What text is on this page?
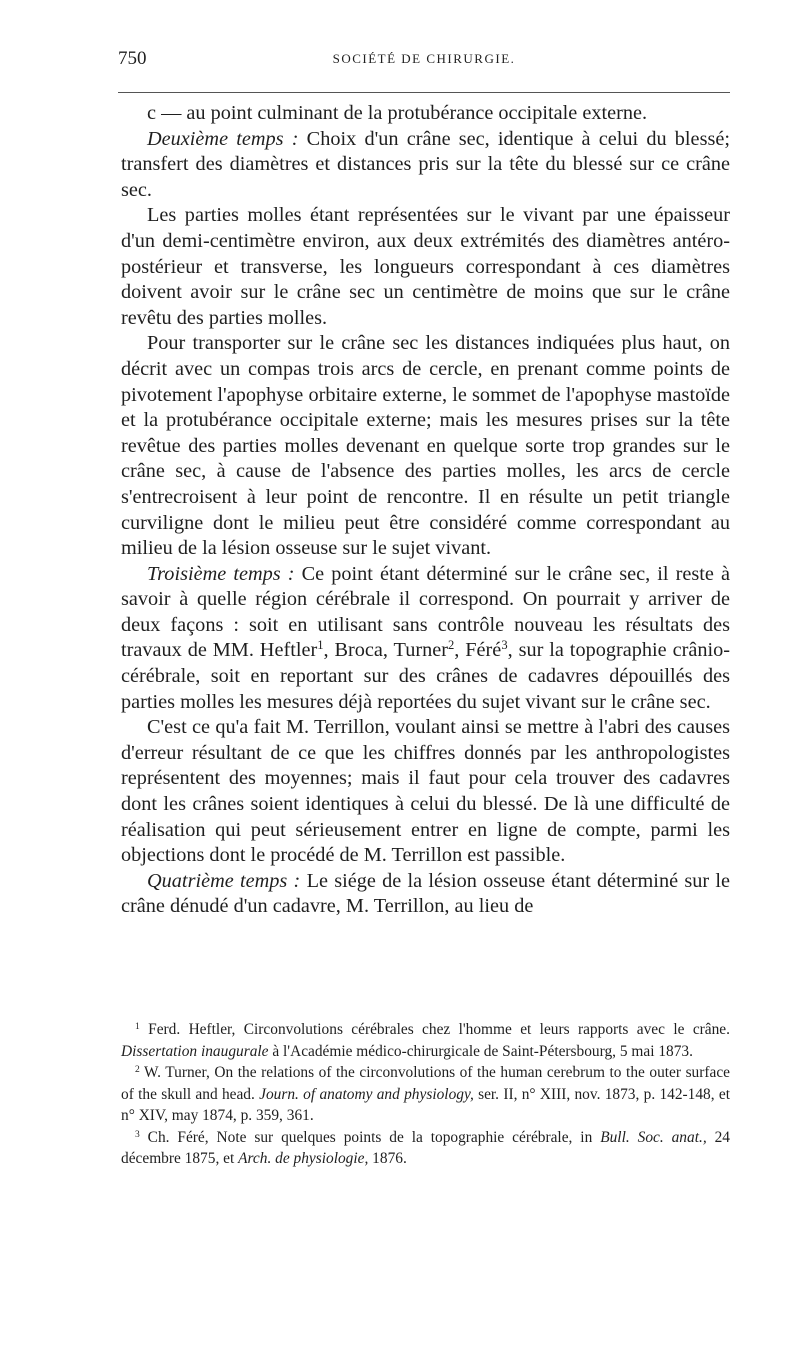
750	SOCIÉTÉ DE CHIRURGIE.

c — au point culminant de la protubérance occipitale externe.

Deuxième temps : Choix d'un crâne sec, identique à celui du blessé; transfert des diamètres et distances pris sur la tête du blessé sur ce crâne sec.

Les parties molles étant représentées sur le vivant par une épaisseur d'un demi-centimètre environ, aux deux extrémités des diamètres antéro-postérieur et transverse, les longueurs correspondant à ces diamètres doivent avoir sur le crâne sec un centimètre de moins que sur le crâne revêtu des parties molles.

Pour transporter sur le crâne sec les distances indiquées plus haut, on décrit avec un compas trois arcs de cercle, en prenant comme points de pivotement l'apophyse orbitaire externe, le sommet de l'apophyse mastoïde et la protubérance occipitale externe; mais les mesures prises sur la tête revêtue des parties molles devenant en quelque sorte trop grandes sur le crâne sec, à cause de l'absence des parties molles, les arcs de cercle s'entrecroisent à leur point de rencontre. Il en résulte un petit triangle curviligne dont le milieu peut être considéré comme correspondant au milieu de la lésion osseuse sur le sujet vivant.

Troisième temps : Ce point étant déterminé sur le crâne sec, il reste à savoir à quelle région cérébrale il correspond. On pourrait y arriver de deux façons : soit en utilisant sans contrôle nouveau les résultats des travaux de MM. Heftler$^1$, Broca, Turner$^2$, Féré$^3$, sur la topographie crânio-cérébrale, soit en reportant sur des crânes de cadavres dépouillés des parties molles les mesures déjà reportées du sujet vivant sur le crâne sec.

C'est ce qu'a fait M. Terrillon, voulant ainsi se mettre à l'abri des causes d'erreur résultant de ce que les chiffres donnés par les anthropologistes représentent des moyennes; mais il faut pour cela trouver des cadavres dont les crânes soient identiques à celui du blessé. De là une difficulté de réalisation qui peut sérieusement entrer en ligne de compte, parmi les objections dont le procédé de M. Terrillon est passible.

Quatrième temps : Le siége de la lésion osseuse étant déterminé sur le crâne dénudé d'un cadavre, M. Terrillon, au lieu de

$^1$ Ferd. Heftler, Circonvolutions cérébrales chez l'homme et leurs rapports avec le crâne. Dissertation inaugurale à l'Académie médico-chirurgicale de Saint-Pétersbourg, 5 mai 1873.

$^2$ W. Turner, On the relations of the circonvolutions of the human cerebrum to the outer surface of the skull and head. Journ. of anatomy and physiology, ser. II, n° XIII, nov. 1873, p. 142-148, et n° XIV, may 1874, p. 359, 361.

$^3$ Ch. Féré, Note sur quelques points de la topographie cérébrale, in Bull. Soc. anat., 24 décembre 1875, et Arch. de physiologie, 1876.
